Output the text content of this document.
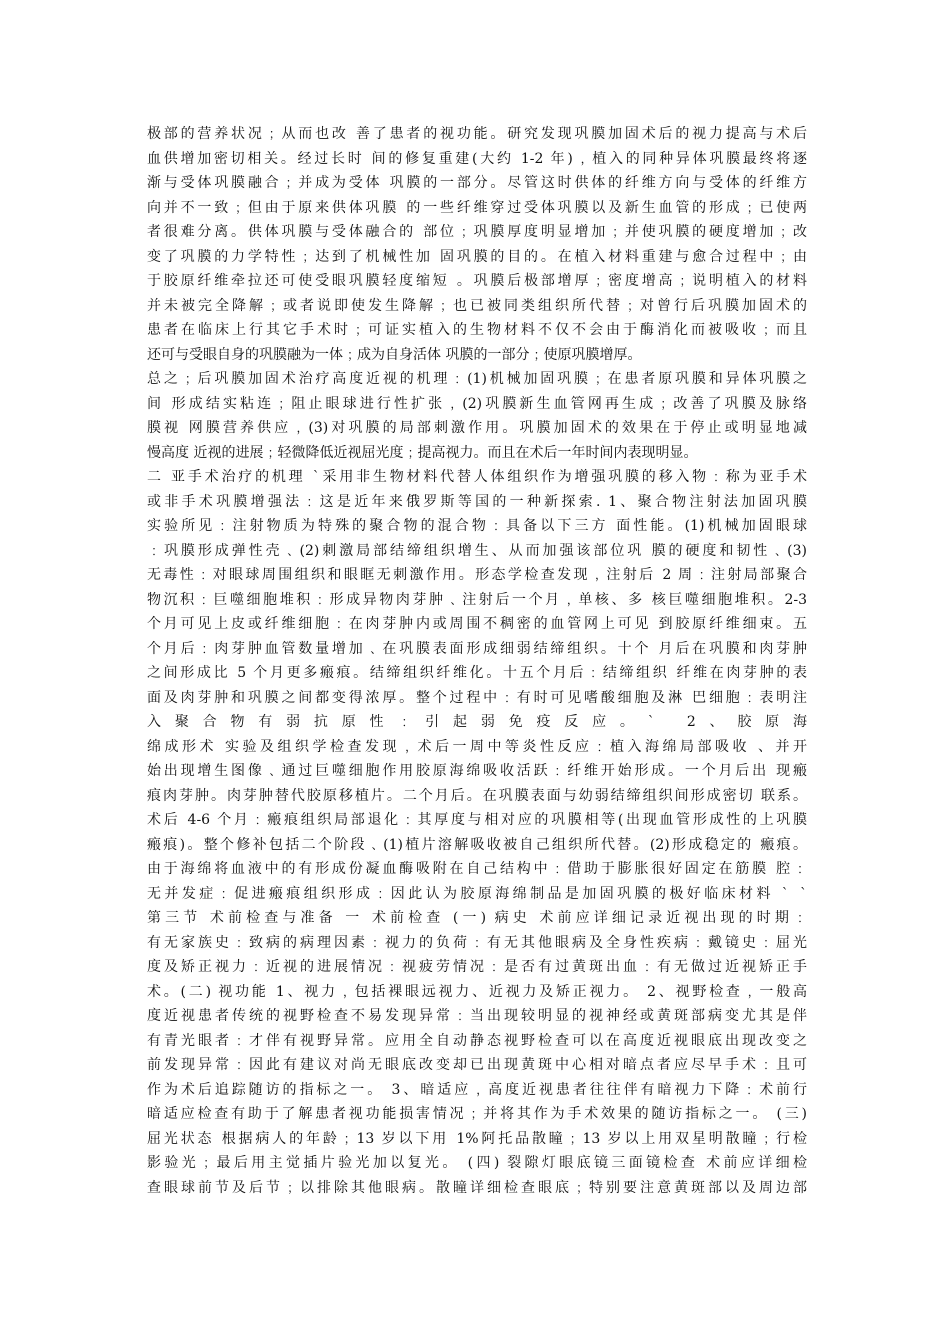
极部的营养状况﹔从而也改 善了患者的视功能。研究发现巩膜加固术后的视力提高与术后
血供增加密切相关。经过长时 间的修复重建(大约 1-2 年)﹐植入的同种异体巩膜最终将逐
渐与受体巩膜融合﹔并成为受体 巩膜的一部分。尽管这时供体的纤维方向与受体的纤维方
向并不一致﹔但由于原来供体巩膜 的一些纤维穿过受体巩膜以及新生血管的形成﹔已使两
者很难分离。供体巩膜与受体融合的 部位﹔巩膜厚度明显增加﹔并使巩膜的硬度增加﹔改
变了巩膜的力学特性﹔达到了机械性加 固巩膜的目的。在植入材料重建与愈合过程中﹔由
于胶原纤维牵拉还可使受眼巩膜轻度缩短 。巩膜后极部增厚﹔密度增高﹔说明植入的材料
并未被完全降解﹔或者说即使发生降解﹔也已被同类组织所代替﹔对曾行后巩膜加固术的
患者在临床上行其它手术时﹔可证实植入的生物材料不仅不会由于酶消化而被吸收﹔而且
还可与受眼自身的巩膜融为一体﹔成为自身活体 巩膜的一部分﹔使原巩膜增厚。
总之﹔后巩膜加固术治疗高度近视的机理﹕(1)机械加固巩膜﹔在患者原巩膜和异体巩膜之
间 形成结实粘连﹔阻止眼球进行性扩张﹐(2)巩膜新生血管网再生成﹔改善了巩膜及脉络
膜视 网膜营养供应﹐(3)对巩膜的局部刺激作用。巩膜加固术的效果在于停止或明显地减
慢高度 近视的进展﹔轻微降低近视屈光度﹔提高视力。而且在术后一年时间内表现明显。
二 亚手术治疗的机理 ˋ采用非生物材料代替人体组织作为增强巩膜的移入物﹕称为亚手术
或非手术巩膜增强法﹕这是近年来俄罗斯等国的一种新探索. 1、聚合物注射法加固巩膜
实验所见﹕注射物质为特殊的聚合物的混合物﹕具备以下三方 面性能。(1)机械加固眼球
﹕巩膜形成弹性壳﹑(2)刺激局部结缔组织增生、从而加强该部位巩 膜的硬度和韧性﹑(3)
无毒性﹕对眼球周围组织和眼眶无刺激作用。形态学检查发现﹐注射后 2 周﹕注射局部聚合
物沉积﹕巨噬细胞堆积﹕形成异物肉芽肿﹑注射后一个月﹐单核、多 核巨噬细胞堆积。2-3
个月可见上皮或纤维细胞﹕在肉芽肿内或周围不稠密的血管网上可见 到胶原纤维细束。五
个月后﹕肉芽肿血管数量增加﹑在巩膜表面形成细弱结缔组织。十个 月后在巩膜和肉芽肿
之间形成比 5 个月更多瘢痕。结缔组织纤维化。十五个月后﹕结缔组织 纤维在肉芽肿的表
面及肉芽肿和巩膜之间都变得浓厚。整个过程中﹕有时可见嗜酸细胞及淋 巴细胞﹕表明注
入聚合物有弱抗原性﹕引起弱免疫反应。ˋ 2、胶原海
绵成形术 实验及组织学检查发现﹐术后一周中等炎性反应﹕植入海绵局部吸收 、并开
始出现增生图像﹑通过巨噬细胞作用胶原海绵吸收活跃﹕纤维开始形成。一个月后出 现瘢
痕肉芽肿。肉芽肿替代胶原移植片。二个月后。在巩膜表面与幼弱结缔组织间形成密切 联系。
术后 4-6 个月﹕瘢痕组织局部退化﹕其厚度与相对应的巩膜相等(出现血管形成性的上巩膜
瘢痕)。整个修补包括二个阶段﹑(1)植片溶解吸收被自己组织所代替。(2)形成稳定的 瘢痕。
由于海绵将血液中的有形成份凝血酶吸附在自己结构中﹕借助于膨胀很好固定在筋膜 腔﹕
无并发症﹕促进瘢痕组织形成﹕因此认为胶原海绵制品是加固巩膜的极好临床材料 ˋ ˋ
第三节 术前检查与准备 一 术前检查 (一) 病史 术前应详细记录近视出现的时期﹕
有无家族史﹕致病的病理因素﹕视力的负荷﹕有无其他眼病及全身性疾病﹕戴镜史﹕屈光
度及矫正视力﹕近视的进展情况﹕视疲劳情况﹕是否有过黄斑出血﹕有无做过近视矫正手
术。(二) 视功能 1、视力﹐包括裸眼远视力、近视力及矫正视力。 2、视野检查﹐一般高
度近视患者传统的视野检查不易发现异常﹕当出现较明显的视神经或黄斑部病变尤其是伴
有青光眼者﹕才伴有视野异常。应用全自动静态视野检查可以在高度近视眼底出现改变之
前发现异常﹕因此有建议对尚无眼底改变却已出现黄斑中心相对暗点者应尽早手术﹕且可
作为术后追踪随访的指标之一。 3、暗适应﹐高度近视患者往往伴有暗视力下降﹕术前行
暗适应检查有助于了解患者视功能损害情况﹔并将其作为手术效果的随访指标之一。 (三)
屈光状态 根据病人的年龄﹔13 岁以下用 1%阿托品散瞳﹔13 岁以上用双星明散瞳﹔行检
影验光﹔最后用主觉插片验光加以复光。 (四) 裂隙灯眼底镜三面镜检查 术前应详细检
查眼球前节及后节﹔以排除其他眼病。散瞳详细检查眼底﹔特别要注意黄斑部以及周边部
